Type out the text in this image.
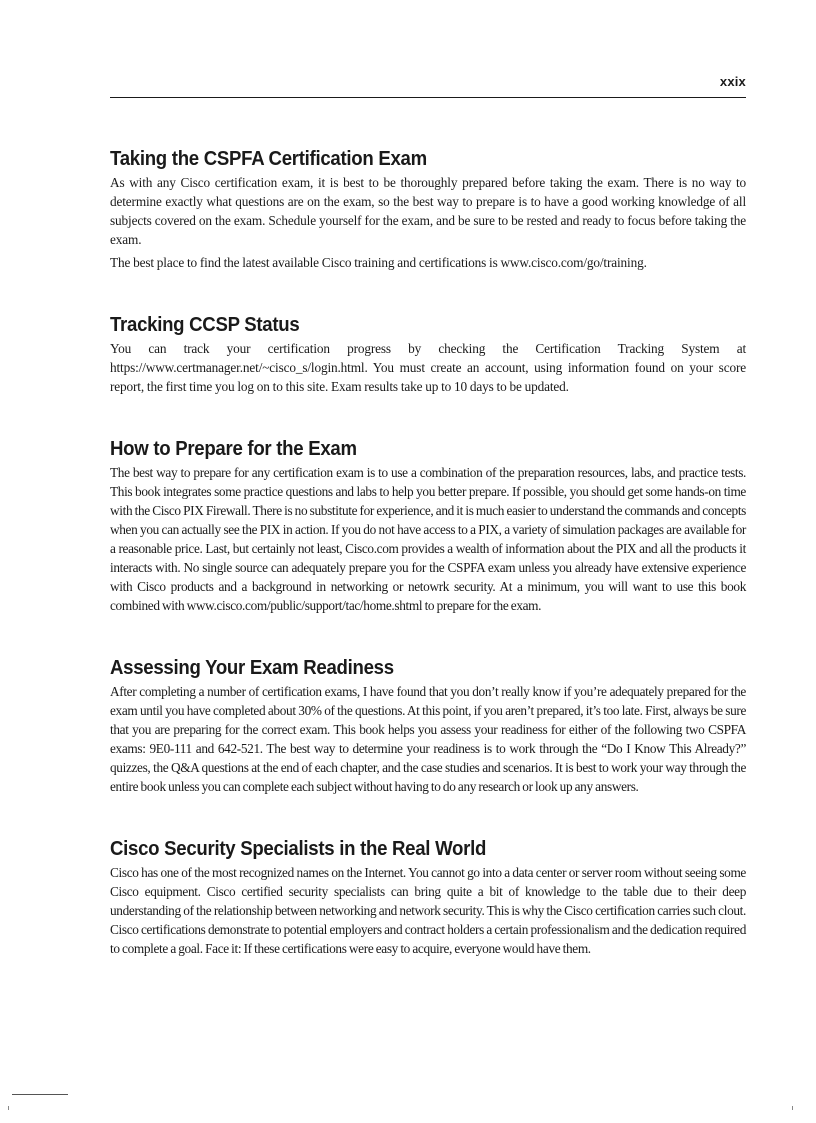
xxix
Taking the CSPFA Certification Exam

As with any Cisco certification exam, it is best to be thoroughly prepared before taking the exam. There is no way to determine exactly what questions are on the exam, so the best way to prepare is to have a good working knowledge of all subjects covered on the exam. Schedule yourself for the exam, and be sure to be rested and ready to focus before taking the exam.

The best place to find the latest available Cisco training and certifications is www.cisco.com/go/training.

Tracking CCSP Status

You can track your certification progress by checking the Certification Tracking System at https://www.certmanager.net/~cisco_s/login.html. You must create an account, using information found on your score report, the first time you log on to this site. Exam results take up to 10 days to be updated.

How to Prepare for the Exam

The best way to prepare for any certification exam is to use a combination of the preparation resources, labs, and practice tests. This book integrates some practice questions and labs to help you better prepare. If possible, you should get some hands-on time with the Cisco PIX Firewall. There is no substitute for experience, and it is much easier to understand the commands and concepts when you can actually see the PIX in action. If you do not have access to a PIX, a variety of simulation packages are available for a reasonable price. Last, but certainly not least, Cisco.com provides a wealth of information about the PIX and all the products it interacts with. No single source can adequately prepare you for the CSPFA exam unless you already have extensive experience with Cisco products and a background in networking or netowrk security. At a minimum, you will want to use this book combined with www.cisco.com/public/support/tac/home.shtml to prepare for the exam.

Assessing Your Exam Readiness

After completing a number of certification exams, I have found that you don’t really know if you’re adequately prepared for the exam until you have completed about 30% of the questions. At this point, if you aren’t prepared, it’s too late. First, always be sure that you are preparing for the correct exam. This book helps you assess your readiness for either of the following two CSPFA exams: 9E0-111 and 642-521. The best way to determine your readiness is to work through the “Do I Know This Already?” quizzes, the Q&A questions at the end of each chapter, and the case studies and scenarios. It is best to work your way through the entire book unless you can complete each subject without having to do any research or look up any answers.

Cisco Security Specialists in the Real World

Cisco has one of the most recognized names on the Internet. You cannot go into a data center or server room without seeing some Cisco equipment. Cisco certified security specialists can bring quite a bit of knowledge to the table due to their deep understanding of the relationship between networking and network security. This is why the Cisco certification carries such clout. Cisco certifications demonstrate to potential employers and contract holders a certain professionalism and the dedication required to complete a goal. Face it: If these certifications were easy to acquire, everyone would have them.
